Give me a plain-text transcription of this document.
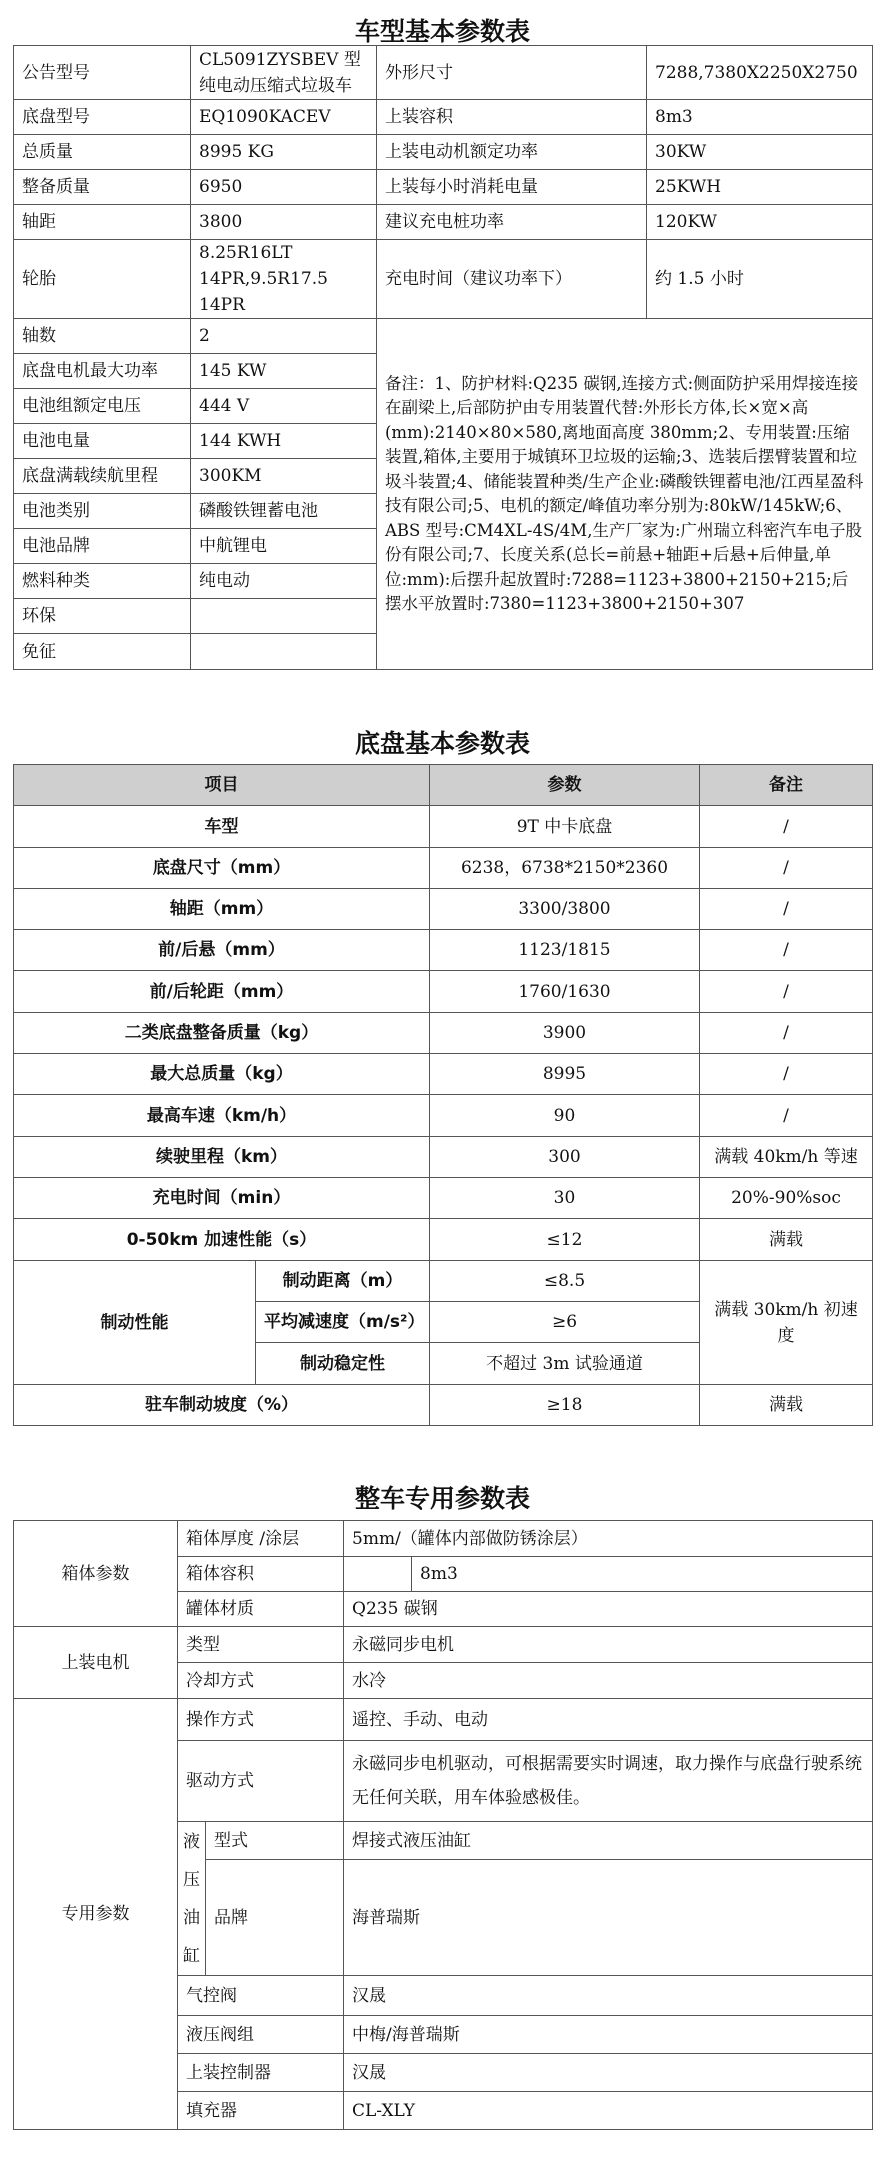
车型基本参数表
公告型号	CL5091ZYSBEV 型纯电动压缩式垃圾车	外形尺寸	7288,7380X2250X2750
底盘型号	EQ1090KACEV	上装容积	8m3
总质量	8995 KG	上装电动机额定功率	30KW
整备质量	6950	上装每小时消耗电量	25KWH
轴距	3800	建议充电桩功率	120KW
轮胎	8.25R16LT 14PR,9.5R17.5 14PR	充电时间（建议功率下）	约 1.5 小时
轴数	2	备注：1、防护材料:Q235 碳钢,连接方式:侧面防护采用焊接连接在副梁上,后部防护由专用装置代替:外形长方体,长×宽×高(mm):2140×80×580,离地面高度 380mm;2、专用装置:压缩装置,箱体,主要用于城镇环卫垃圾的运输;3、选装后摆臂装置和垃圾斗装置;4、储能装置种类/生产企业:磷酸铁锂蓄电池/江西星盈科技有限公司;5、电机的额定/峰值功率分别为:80kW/145kW;6、ABS 型号:CM4XL-4S/4M,生产厂家为:广州瑞立科密汽车电子股份有限公司;7、长度关系(总长=前悬+轴距+后悬+后伸量,单位:mm):后摆升起放置时:7288=1123+3800+2150+215;后摆水平放置时:7380=1123+3800+2150+307	
底盘电机最大功率	145 KW		
电池组额定电压	444 V		
电池电量	144 KWH		
底盘满载续航里程	300KM		
电池类别	磷酸铁锂蓄电池		
电池品牌	中航锂电		
燃料种类	纯电动		
环保			
免征			
底盘基本参数表
项目		参数	备注
车型		9T 中卡底盘	/
底盘尺寸（mm）		6238，6738*2150*2360	/
轴距（mm）		3300/3800	/
前/后悬（mm）		1123/1815	/
前/后轮距（mm）		1760/1630	/
二类底盘整备质量（kg）		3900	/
最大总质量（kg）		8995	/
最高车速（km/h）		90	/
续驶里程（km）		300	满载 40km/h 等速
充电时间（min）		30	20%-90%soc
0-50km 加速性能（s）		≤12	满载
制动性能	制动距离（m）	≤8.5	满载 30km/h 初速度
	平均减速度（m/s²）	≥6	
	制动稳定性	不超过 3m 试验通道	
驻车制动坡度（%）		≥18	满载
整车专用参数表
箱体参数	箱体厚度 /涂层		5mm/（罐体内部做防锈涂层）	
	箱体容积			8m3
	罐体材质		Q235 碳钢	
上装电机	类型		永磁同步电机	
	冷却方式		水冷	
专用参数	操作方式		遥控、手动、电动	
	驱动方式		永磁同步电机驱动，可根据需要实时调速，取力操作与底盘行驶系统无任何关联，用车体验感极佳。	
	液压油缸	型式	焊接式液压油缸	
		品牌	海普瑞斯	
	气控阀		汉晟	
	液压阀组		中梅/海普瑞斯	
	上装控制器		汉晟	
	填充器		CL-XLY	
